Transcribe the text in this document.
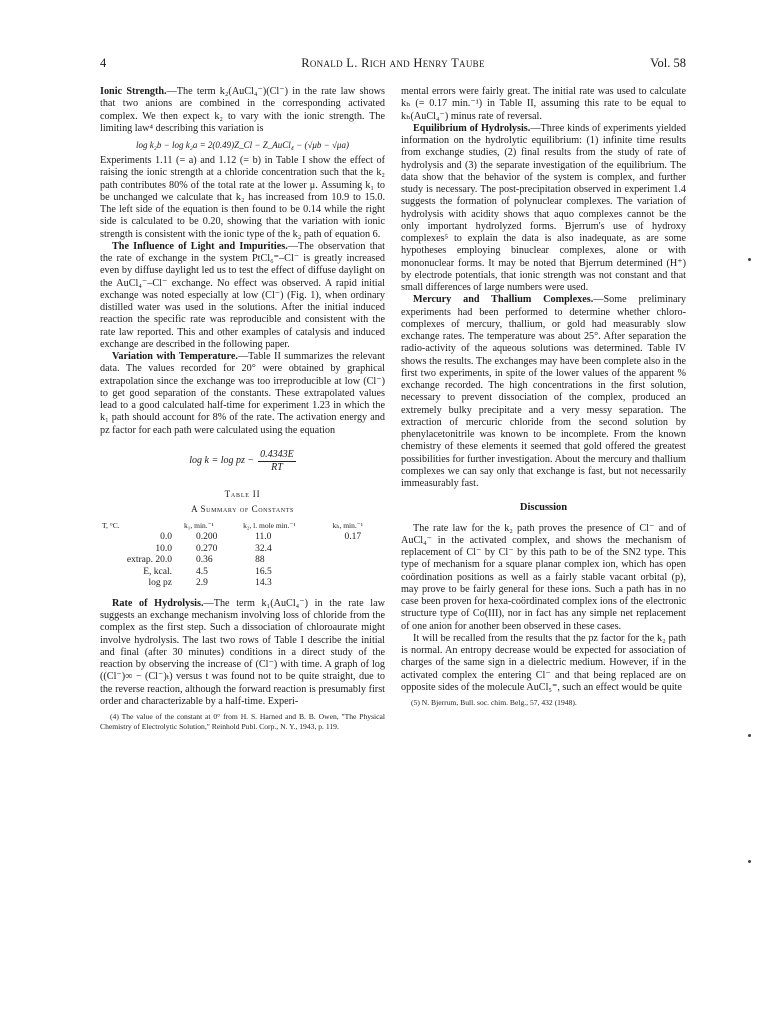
4	Ronald L. Rich and Henry Taube	Vol. 58

Ionic Strength.—The term k₂(AuCl₄⁻)(Cl⁻) in the rate law shows that two anions are combined in the corresponding activated complex. We then expect k₂ to vary with the ionic strength. The limiting law⁴ describing this variation is

log k₂b − log k₂a = 2(0.49)Z_Cl − Z_AuCl₄ − (√μb − √μa)

Experiments 1.11 (= a) and 1.12 (= b) in Table I show the effect of raising the ionic strength at a chloride concentration such that the k₂ path contributes 80% of the total rate at the lower μ. Assuming k₁ to be unchanged we calculate that k₂ has increased from 10.9 to 15.0. The left side of the equation is then found to be 0.14 while the right side is calculated to be 0.20, showing that the variation with ionic strength is consistent with the ionic type of the k₂ path of equation 6.

The Influence of Light and Impurities.—The observation that the rate of exchange in the system PtCl₆⁼–Cl⁻ is greatly increased even by diffuse daylight led us to test the effect of diffuse daylight on the AuCl₄⁻–Cl⁻ exchange. No effect was observed. A rapid initial exchange was noted especially at low (Cl⁻) (Fig. 1), when ordinary distilled water was used in the solutions. After the initial induced reaction the specific rate was reproducible and consistent with the rate law reported. This and other examples of catalysis and induced exchange are described in the following paper.

Variation with Temperature.—Table II summarizes the relevant data. The values recorded for 20° were obtained by graphical extrapolation since the exchange was too irreproducible at low (Cl⁻) to get good separation of the constants. These extrapolated values lead to a good calculated half-time for experiment 1.23 in which the k₁ path should account for 8% of the rate. The activation energy and pz factor for each path were calculated using the equation

log k = log pz − $\frac{0.4343E}{RT}$
Table II
A Summary of Constants
T, °C.	k₁, min.⁻¹	k₂, l. mole min.⁻¹	kₕ, min.⁻¹
0.0	0.200	11.0	0.17
10.0	0.270	32.4	
extrap. 20.0	0.36	88	
E, kcal.	4.5	16.5	
log pz	2.9	14.3	

Rate of Hydrolysis.—The term k₁(AuCl₄⁻) in the rate law suggests an exchange mechanism involving loss of chloride from the complex as the first step. Such a dissociation of chloroaurate might involve hydrolysis. The last two rows of Table I describe the initial and final (after 30 minutes) conditions in a direct study of the reaction by observing the increase of (Cl⁻) with time. A graph of log ((Cl⁻)∞ − (Cl⁻)ₜ) versus t was found not to be quite straight, due to the reverse reaction, although the forward reaction is presumably first order and characterizable by a half-time. Experi-

(4) The value of the constant at 0° from H. S. Harned and B. B. Owen, "The Physical Chemistry of Electrolytic Solution," Reinhold Publ. Corp., N. Y., 1943, p. 119.

mental errors were fairly great. The initial rate was used to calculate kₕ (= 0.17 min.⁻¹) in Table II, assuming this rate to be equal to kₕ(AuCl₄⁻) minus rate of reversal.

Equilibrium of Hydrolysis.—Three kinds of experiments yielded information on the hydrolytic equilibrium: (1) infinite time results from exchange studies, (2) final results from the study of rate of hydrolysis and (3) the separate investigation of the equilibrium. The data show that the behavior of the system is complex, and further study is necessary. The post-precipitation observed in experiment 1.4 suggests the formation of polynuclear complexes. The variation of hydrolysis with acidity shows that aquo complexes cannot be the only important hydrolyzed forms. Bjerrum's use of hydroxy complexes⁵ to explain the data is also inadequate, as are some hypotheses employing binuclear complexes, alone or with mononuclear forms. It may be noted that Bjerrum determined (H⁺) by electrode potentials, that ionic strength was not constant and that small differences of large numbers were used.

Mercury and Thallium Complexes.—Some preliminary experiments had been performed to determine whether chloro-complexes of mercury, thallium, or gold had measurably slow exchange rates. The temperature was about 25°. After separation the radio-activity of the aqueous solutions was determined. Table IV shows the results. The exchanges may have been complete also in the first two experiments, in spite of the lower values of the apparent % exchange recorded. The high concentrations in the first solution, necessary to prevent dissociation of the complex, produced an extremely bulky precipitate and a very messy separation. The extraction of mercuric chloride from the second solution by phenylacetonitrile was known to be incomplete. From the known chemistry of these elements it seemed that gold offered the greatest possibilities for further investigation. About the mercury and thallium complexes we can say only that exchange is fast, but not necessarily immeasurably fast.

Discussion

The rate law for the k₂ path proves the presence of Cl⁻ and of AuCl₄⁻ in the activated complex, and shows the mechanism of replacement of Cl⁻ by Cl⁻ by this path to be of the SN2 type. This type of mechanism for a square planar complex ion, which has open coördination positions as well as a fairly stable vacant orbital (p), may prove to be fairly general for these ions. Such a path has in no case been proven for hexa-coördinated complex ions of the electronic structure type of Co(III), nor in fact has any simple net replacement of one anion for another been observed in these cases.

It will be recalled from the results that the pz factor for the k₂ path is normal. An entropy decrease would be expected for association of charges of the same sign in a dielectric medium. However, if in the activated complex the entering Cl⁻ and that being replaced are on opposite sides of the molecule AuCl₅⁼, such an effect would be quite

(5) N. Bjerrum, Bull. soc. chim. Belg., 57, 432 (1948).
